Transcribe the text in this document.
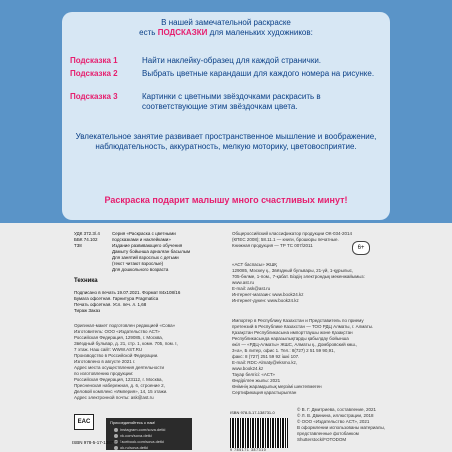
В нашей замечательной раскраске
есть ПОДСКАЗКИ для маленьких художников:
Подсказка 1	Найти наклейку-образец для каждой странички.
Подсказка 2	Выбрать цветные карандаши для каждого номера на рисунке.
Подсказка 3	Картинки с цветными звёздочками раскрасить в соответствующие этим звёздочкам цвета.
Увлекательное занятие развивает пространственное мышление и воображение, наблюдательность, аккуратность, мелкую моторику, цветовосприятие.
Раскраска подарит малышу много счастливых минут!
УДК 372.3/.4
ББК 74.102
Т38
Серия «Раскраска с цветными
подсказками и наклейками»
Издание развивающего обучения
Дамыту бойынша арналған басылым
Для занятий взрослых с детьми
(текст читают взрослые)
Для дошкольного возраста
Общероссийский классификатор продукции ОК-034-2014
(КПЕС 2008); 58.11.1 — книги, брошюры печатные.
Книжная продукция — ТР ТС 007/2011	6+
Техника
Подписано в печать 19.07.2021. Формат 84х108/16
Бумага офсетная. Гарнитура Pragmatica
Печать офсетная. Усл. печ. л. 1,68
Тираж Заказ
Оригинал-макет подготовлен редакцией «Сова»
Изготовитель: ООО «Издательство АСТ»
Российская Федерация, 129085, г. Москва,
Звёздный бульвар, д. 21, стр. 1, комн. 705, пом. I,
7 этаж. Наш сайт: WWW.AST.RU
Производство в Российской Федерации.
Изготовлено в августе 2021 г.
Адрес места осуществления деятельности
по изготовлению продукции:
Российская Федерация, 123112, г. Москва,
Пресненская набережная, д. 6, строение 2,
Деловой комплекс «Империя», 14, 15 этажи.
Адрес электронной почты: ask@ast.ru
«АСТ баспасы» ЖШҚ
129085, Мәскеу қ., Звёздный бульвары, 21-үй, 1-құрылыс,
705-бөлме, 1-пом., 7-қабат. Біздің электрондық мекенжайымыз:
www.ast.ru
E-mail: ask@ast.ru
Интернет-магазин: www.book24.kz
Интернет-дүкен: www.book24.kz
Импортер в Республику Казахстан и Представитель по приему
претензий в Республике Казахстан — ТОО РДЦ Алматы, г. Алматы.
Қазақстан Республикасына импорттаушы және Қазақстан
Республикасында наразылықтарды қабылдау бойынша
өкіл — «РДЦ-Алматы» ЖШС, Алматы қ., Домбровский көш.,
3«а», Б литер, офис 1. Тел.: 8(727) 2 51 59 90,91,
факс: 8 (727) 251 59 92 ішкі 107.
E-mail: RDC-Almaty@eksmo.kz,
www.book24.kz
Тауар белгісі: «АСТ»
Өндірілген жылы: 2021
Өнімнің жарамдылық мерзімі шектелмеген
Сертификация қарастырылған
© В. Г. Дмитриева, составление, 2021
© Л. В. Двинина, иллюстрации, 2018
© ООО «Издательство АСТ», 2021
В оформлении использованы материалы,
представленные фотобанком
Shutterstock/FOTODOM
EAC	Присоединяйтесь к нам!
instagram.com/sova.detki
vk.com/sova.detki
facebook.com/sova.detki
ok.ru/sova.detki
ISBN 978-5-17-138731-0
ISBN 978-5-17-138731-0
9 785171 387310
